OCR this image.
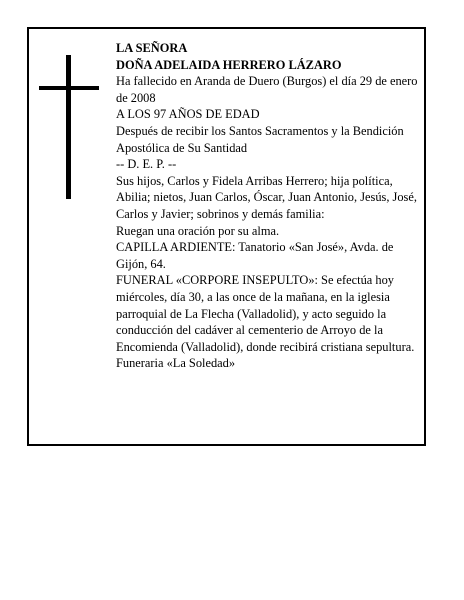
LA SEÑORA

DOÑA ADELAIDA HERRERO LÁZARO

Ha fallecido en Aranda de Duero (Burgos) el día 29 de enero de 2008

A LOS 97 AÑOS DE EDAD

Después de recibir los Santos Sacramentos y la Bendición Apostólica de Su Santidad

-- D. E. P. --

Sus hijos, Carlos y Fidela Arribas Herrero; hija política, Abilia; nietos, Juan Carlos, Óscar, Juan Antonio, Jesús, José, Carlos y Javier; sobrinos y demás familia:

Ruegan una oración por su alma.

CAPILLA ARDIENTE: Tanatorio «San José», Avda. de Gijón, 64.

FUNERAL «CORPORE INSEPULTO»: Se efectúa hoy miércoles, día 30, a las once de la mañana, en la iglesia parroquial de La Flecha (Valladolid), y acto seguido la conducción del cadáver al cementerio de Arroyo de la Encomienda (Valladolid), donde recibirá cristiana sepultura.

Funeraria «La Soledad»
